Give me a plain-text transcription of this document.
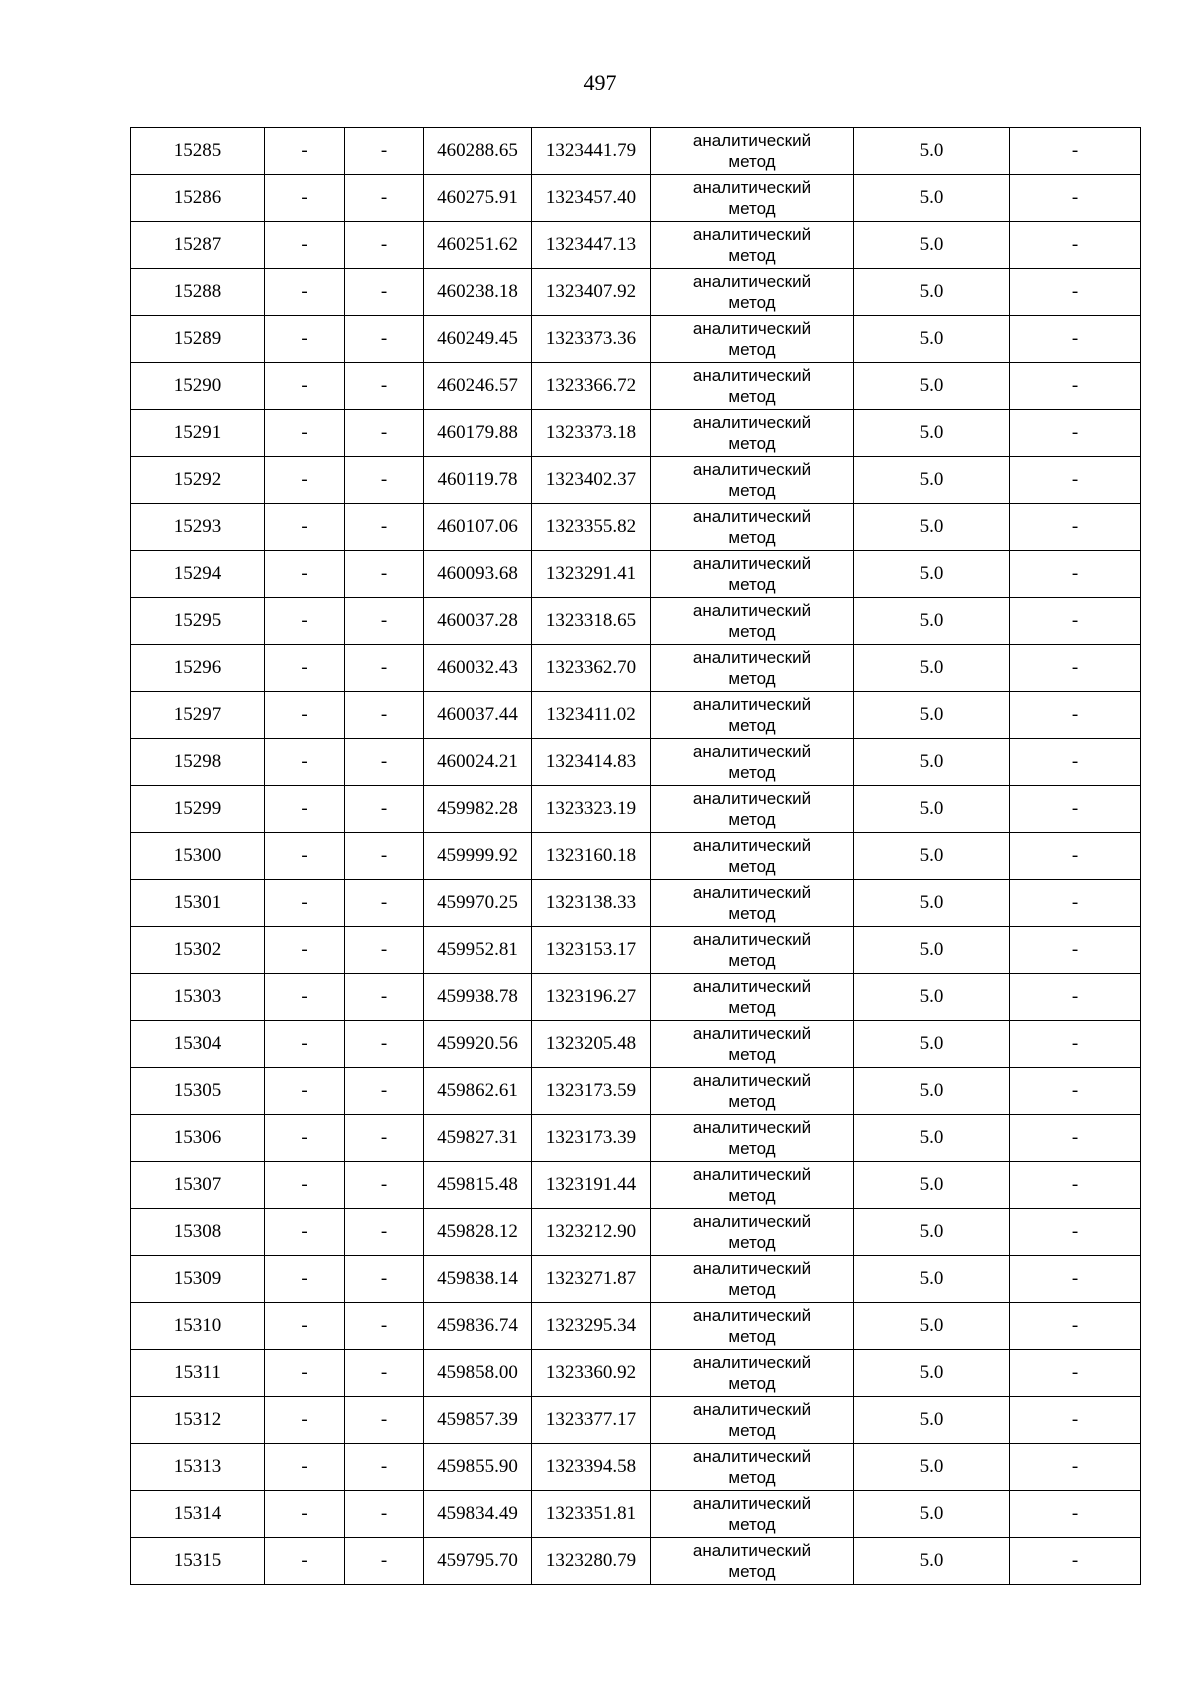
497
15285	-	-	460288.65	1323441.79	аналитический
метод	5.0	-
15286	-	-	460275.91	1323457.40	аналитический
метод	5.0	-
15287	-	-	460251.62	1323447.13	аналитический
метод	5.0	-
15288	-	-	460238.18	1323407.92	аналитический
метод	5.0	-
15289	-	-	460249.45	1323373.36	аналитический
метод	5.0	-
15290	-	-	460246.57	1323366.72	аналитический
метод	5.0	-
15291	-	-	460179.88	1323373.18	аналитический
метод	5.0	-
15292	-	-	460119.78	1323402.37	аналитический
метод	5.0	-
15293	-	-	460107.06	1323355.82	аналитический
метод	5.0	-
15294	-	-	460093.68	1323291.41	аналитический
метод	5.0	-
15295	-	-	460037.28	1323318.65	аналитический
метод	5.0	-
15296	-	-	460032.43	1323362.70	аналитический
метод	5.0	-
15297	-	-	460037.44	1323411.02	аналитический
метод	5.0	-
15298	-	-	460024.21	1323414.83	аналитический
метод	5.0	-
15299	-	-	459982.28	1323323.19	аналитический
метод	5.0	-
15300	-	-	459999.92	1323160.18	аналитический
метод	5.0	-
15301	-	-	459970.25	1323138.33	аналитический
метод	5.0	-
15302	-	-	459952.81	1323153.17	аналитический
метод	5.0	-
15303	-	-	459938.78	1323196.27	аналитический
метод	5.0	-
15304	-	-	459920.56	1323205.48	аналитический
метод	5.0	-
15305	-	-	459862.61	1323173.59	аналитический
метод	5.0	-
15306	-	-	459827.31	1323173.39	аналитический
метод	5.0	-
15307	-	-	459815.48	1323191.44	аналитический
метод	5.0	-
15308	-	-	459828.12	1323212.90	аналитический
метод	5.0	-
15309	-	-	459838.14	1323271.87	аналитический
метод	5.0	-
15310	-	-	459836.74	1323295.34	аналитический
метод	5.0	-
15311	-	-	459858.00	1323360.92	аналитический
метод	5.0	-
15312	-	-	459857.39	1323377.17	аналитический
метод	5.0	-
15313	-	-	459855.90	1323394.58	аналитический
метод	5.0	-
15314	-	-	459834.49	1323351.81	аналитический
метод	5.0	-
15315	-	-	459795.70	1323280.79	аналитический
метод	5.0	-
